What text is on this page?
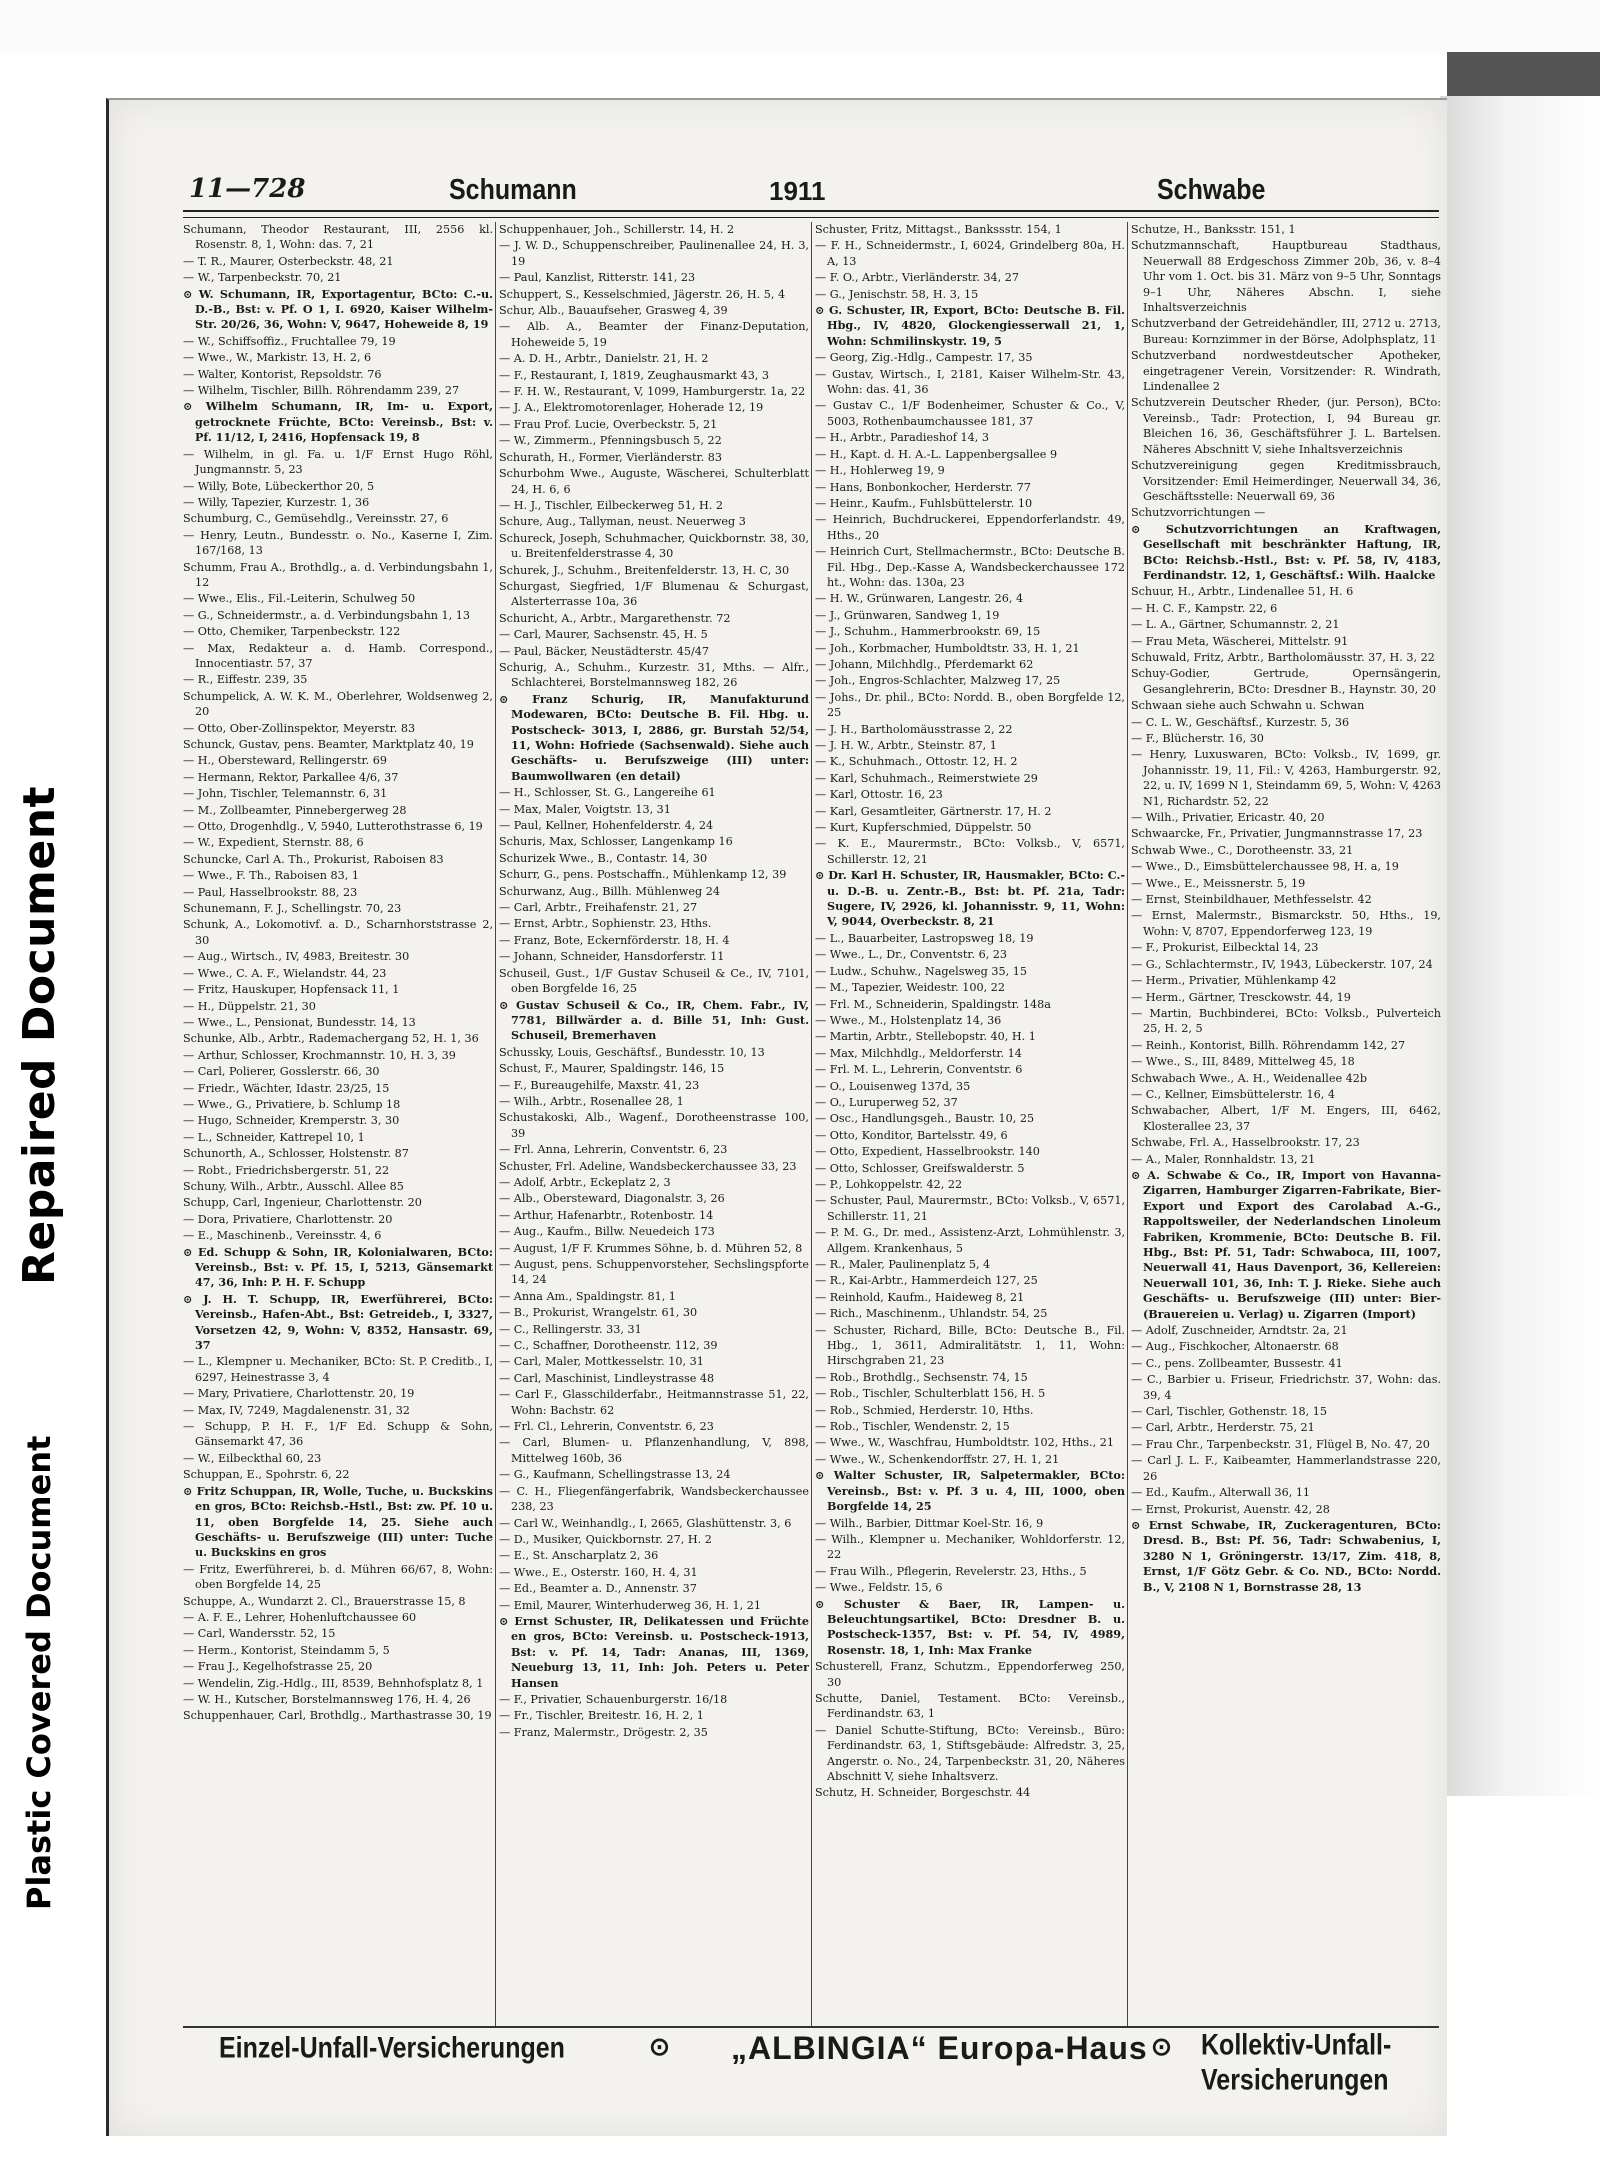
Repaired Document
Plastic Covered Document
11—728	Schumann	1911	Schwabe
Schumann, Theodor Restaurant, III, 2556 kl. Rosenstr. 8, 1, Wohn: das. 7, 21
— T. R., Maurer, Osterbeckstr. 48, 21
— W., Tarpenbeckstr. 70, 21
⊙ W. Schumann, IR, Exportagentur, BCto: C.-u. D.-B., Bst: v. Pf. O 1, I. 6920, Kaiser Wilhelm-Str. 20/26, 36, Wohn: V, 9647, Hoheweide 8, 19
— W., Schiffsoffiz., Fruchtallee 79, 19
— Wwe., W., Markistr. 13, H. 2, 6
— Walter, Kontorist, Repsoldstr. 76
— Wilhelm, Tischler, Billh. Röhrendamm 239, 27
⊙ Wilhelm Schumann, IR, Im- u. Export, getrocknete Früchte, BCto: Vereinsb., Bst: v. Pf. 11/12, I, 2416, Hopfensack 19, 8
— Wilhelm, in gl. Fa. u. 1/F Ernst Hugo Röhl, Jungmannstr. 5, 23
— Willy, Bote, Lübeckerthor 20, 5
— Willy, Tapezier, Kurzestr. 1, 36
Schumburg, C., Gemüsehdlg., Vereinsstr. 27, 6
— Henry, Leutn., Bundesstr. o. No., Kaserne I, Zim. 167/168, 13
Schumm, Frau A., Brothdlg., a. d. Verbindungsbahn 1, 12
— Wwe., Elis., Fil.-Leiterin, Schulweg 50
— G., Schneidermstr., a. d. Verbindungsbahn 1, 13
— Otto, Chemiker, Tarpenbeckstr. 122
— Max, Redakteur a. d. Hamb. Correspond., Innocentiastr. 57, 37
— R., Eiffestr. 239, 35
Schumpelick, A. W. K. M., Oberlehrer, Woldsenweg 2, 20
— Otto, Ober-Zollinspektor, Meyerstr. 83
Schunck, Gustav, pens. Beamter, Marktplatz 40, 19
— H., Obersteward, Rellingerstr. 69
— Hermann, Rektor, Parkallee 4/6, 37
— John, Tischler, Telemannstr. 6, 31
— M., Zollbeamter, Pinnebergerweg 28
— Otto, Drogenhdlg., V, 5940, Lutterothstrasse 6, 19
— W., Expedient, Sternstr. 88, 6
Schuncke, Carl A. Th., Prokurist, Raboisen 83
— Wwe., F. Th., Raboisen 83, 1
— Paul, Hasselbrookstr. 88, 23
Schunemann, F. J., Schellingstr. 70, 23
Schunk, A., Lokomotivf. a. D., Scharnhorststrasse 2, 30
— Aug., Wirtsch., IV, 4983, Breitestr. 30
— Wwe., C. A. F., Wielandstr. 44, 23
— Fritz, Hauskuper, Hopfensack 11, 1
— H., Düppelstr. 21, 30
— Wwe., L., Pensionat, Bundesstr. 14, 13
Schunke, Alb., Arbtr., Rademachergang 52, H. 1, 36
— Arthur, Schlosser, Krochmannstr. 10, H. 3, 39
— Carl, Polierer, Gosslerstr. 66, 30
— Friedr., Wächter, Idastr. 23/25, 15
— Wwe., G., Privatiere, b. Schlump 18
— Hugo, Schneider, Kremperstr. 3, 30
— L., Schneider, Kattrepel 10, 1
Schunorth, A., Schlosser, Holstenstr. 87
— Robt., Friedrichsbergerstr. 51, 22
Schuny, Wilh., Arbtr., Ausschl. Allee 85
Schupp, Carl, Ingenieur, Charlottenstr. 20
— Dora, Privatiere, Charlottenstr. 20
— E., Maschinenb., Vereinsstr. 4, 6
⊙ Ed. Schupp & Sohn, IR, Kolonialwaren, BCto: Vereinsb., Bst: v. Pf. 15, I, 5213, Gänsemarkt 47, 36, Inh: P. H. F. Schupp
⊙ J. H. T. Schupp, IR, Ewerführerei, BCto: Vereinsb., Hafen-Abt., Bst: Getreideb., I, 3327, Vorsetzen 42, 9, Wohn: V, 8352, Hansastr. 69, 37
— L., Klempner u. Mechaniker, BCto: St. P. Creditb., I, 6297, Heinestrasse 3, 4
— Mary, Privatiere, Charlottenstr. 20, 19
— Max, IV, 7249, Magdalenenstr. 31, 32
— Schupp, P. H. F., 1/F Ed. Schupp & Sohn, Gänsemarkt 47, 36
— W., Eilbeckthal 60, 23
Schuppan, E., Spohrstr. 6, 22
⊙ Fritz Schuppan, IR, Wolle, Tuche, u. Buckskins en gros, BCto: Reichsb.-Hstl., Bst: zw. Pf. 10 u. 11, oben Borgfelde 14, 25. Siehe auch Geschäfts- u. Berufszweige (III) unter: Tuche u. Buckskins en gros
— Fritz, Ewerführerei, b. d. Mühren 66/67, 8, Wohn: oben Borgfelde 14, 25
Schuppe, A., Wundarzt 2. Cl., Brauerstrasse 15, 8
— A. F. E., Lehrer, Hohenluftchaussee 60
— Carl, Wandersstr. 52, 15
— Herm., Kontorist, Steindamm 5, 5
— Frau J., Kegelhofstrasse 25, 20
— Wendelin, Zig.-Hdlg., III, 8539, Behnhofsplatz 8, 1
— W. H., Kutscher, Borstelmannsweg 176, H. 4, 26
Schuppenhauer, Carl, Brothdlg., Marthastrasse 30, 19
Schuppenhauer, Joh., Schillerstr. 14, H. 2
— J. W. D., Schuppenschreiber, Paulinenallee 24, H. 3, 19
— Paul, Kanzlist, Ritterstr. 141, 23
Schuppert, S., Kesselschmied, Jägerstr. 26, H. 5, 4
Schur, Alb., Bauaufseher, Grasweg 4, 39
— Alb. A., Beamter der Finanz-Deputation, Hoheweide 5, 19
— A. D. H., Arbtr., Danielstr. 21, H. 2
— F., Restaurant, I, 1819, Zeughausmarkt 43, 3
— F. H. W., Restaurant, V, 1099, Hamburgerstr. 1a, 22
— J. A., Elektromotorenlager, Hoherade 12, 19
— Frau Prof. Lucie, Overbeckstr. 5, 21
— W., Zimmerm., Pfenningsbusch 5, 22
Schurath, H., Former, Vierländerstr. 83
Schurbohm Wwe., Auguste, Wäscherei, Schulterblatt 24, H. 6, 6
— H. J., Tischler, Eilbeckerweg 51, H. 2
Schure, Aug., Tallyman, neust. Neuerweg 3
Schureck, Joseph, Schuhmacher, Quickbornstr. 38, 30, u. Breitenfelderstrasse 4, 30
Schurek, J., Schuhm., Breitenfelderstr. 13, H. C, 30
Schurgast, Siegfried, 1/F Blumenau & Schurgast, Alsterterrasse 10a, 36
Schuricht, A., Arbtr., Margarethenstr. 72
— Carl, Maurer, Sachsenstr. 45, H. 5
— Paul, Bäcker, Neustädterstr. 45/47
Schurig, A., Schuhm., Kurzestr. 31, Mths. — Alfr., Schlachterei, Borstelmannsweg 182, 26
⊙ Franz Schurig, IR, Manufakturund Modewaren, BCto: Deutsche B. Fil. Hbg. u. Postscheck- 3013, I, 2886, gr. Burstah 52/54, 11, Wohn: Hofriede (Sachsenwald). Siehe auch Geschäfts- u. Berufszweige (III) unter: Baumwollwaren (en detail)
— H., Schlosser, St. G., Langereihe 61
— Max, Maler, Voigtstr. 13, 31
— Paul, Kellner, Hohenfelderstr. 4, 24
Schuris, Max, Schlosser, Langenkamp 16
Schurizek Wwe., B., Contastr. 14, 30
Schurr, G., pens. Postschaffn., Mühlenkamp 12, 39
Schurwanz, Aug., Billh. Mühlenweg 24
— Carl, Arbtr., Freihafenstr. 21, 27
— Ernst, Arbtr., Sophienstr. 23, Hths.
— Franz, Bote, Eckernförderstr. 18, H. 4
— Johann, Schneider, Hansdorferstr. 11
Schuseil, Gust., 1/F Gustav Schuseil & Ce., IV, 7101, oben Borgfelde 16, 25
⊙ Gustav Schuseil & Co., IR, Chem. Fabr., IV, 7781, Billwärder a. d. Bille 51, Inh: Gust. Schuseil, Bremerhaven
Schussky, Louis, Geschäftsf., Bundesstr. 10, 13
Schust, F., Maurer, Spaldingstr. 146, 15
— F., Bureaugehilfe, Maxstr. 41, 23
— Wilh., Arbtr., Rosenallee 28, 1
Schustakoski, Alb., Wagenf., Dorotheenstrasse 100, 39
— Frl. Anna, Lehrerin, Conventstr. 6, 23
Schuster, Frl. Adeline, Wandsbeckerchaussee 33, 23
— Adolf, Arbtr., Eckeplatz 2, 3
— Alb., Obersteward, Diagonalstr. 3, 26
— Arthur, Hafenarbtr., Rotenbostr. 14
— Aug., Kaufm., Billw. Neuedeich 173
— August, 1/F F. Krummes Söhne, b. d. Mühren 52, 8
— August, pens. Schuppenvorsteher, Sechslingspforte 14, 24
— Anna Am., Spaldingstr. 81, 1
— B., Prokurist, Wrangelstr. 61, 30
— C., Rellingerstr. 33, 31
— C., Schaffner, Dorotheenstr. 112, 39
— Carl, Maler, Mottkesselstr. 10, 31
— Carl, Maschinist, Lindleystrasse 48
— Carl F., Glasschilderfabr., Heitmannstrasse 51, 22, Wohn: Bachstr. 62
— Frl. Cl., Lehrerin, Conventstr. 6, 23
— Carl, Blumen- u. Pflanzenhandlung, V, 898, Mittelweg 160b, 36
— G., Kaufmann, Schellingstrasse 13, 24
— C. H., Fliegenfängerfabrik, Wandsbeckerchaussee 238, 23
— Carl W., Weinhandlg., I, 2665, Glashüttenstr. 3, 6
— D., Musiker, Quickbornstr. 27, H. 2
— E., St. Anscharplatz 2, 36
— Wwe., E., Osterstr. 160, H. 4, 31
— Ed., Beamter a. D., Annenstr. 37
— Emil, Maurer, Winterhuderweg 36, H. 1, 21
⊙ Ernst Schuster, IR, Delikatessen und Früchte en gros, BCto: Vereinsb. u. Postscheck-1913, Bst: v. Pf. 14, Tadr: Ananas, III, 1369, Neueburg 13, 11, Inh: Joh. Peters u. Peter Hansen
— F., Privatier, Schauenburgerstr. 16/18
— Fr., Tischler, Breitestr. 16, H. 2, 1
— Franz, Malermstr., Drögestr. 2, 35
Schuster, Fritz, Mittagst., Bankssstr. 154, 1
— F. H., Schneidermstr., I, 6024, Grindelberg 80a, H. A, 13
— F. O., Arbtr., Vierländerstr. 34, 27
— G., Jenischstr. 58, H. 3, 15
⊙ G. Schuster, IR, Export, BCto: Deutsche B. Fil. Hbg., IV, 4820, Glockengiesserwall 21, 1, Wohn: Schmilinskystr. 19, 5
— Georg, Zig.-Hdlg., Campestr. 17, 35
— Gustav, Wirtsch., I, 2181, Kaiser Wilhelm-Str. 43, Wohn: das. 41, 36
— Gustav C., 1/F Bodenheimer, Schuster & Co., V, 5003, Rothenbaumchaussee 181, 37
— H., Arbtr., Paradieshof 14, 3
— H., Kapt. d. H. A.-L. Lappenbergsallee 9
— H., Hohlerweg 19, 9
— Hans, Bonbonkocher, Herderstr. 77
— Heinr., Kaufm., Fuhlsbüttelerstr. 10
— Heinrich, Buchdruckerei, Eppendorferlandstr. 49, Hths., 20
— Heinrich Curt, Stellmachermstr., BCto: Deutsche B. Fil. Hbg., Dep.-Kasse A, Wandsbeckerchaussee 172 ht., Wohn: das. 130a, 23
— H. W., Grünwaren, Langestr. 26, 4
— J., Grünwaren, Sandweg 1, 19
— J., Schuhm., Hammerbrookstr. 69, 15
— Joh., Korbmacher, Humboldtstr. 33, H. 1, 21
— Johann, Milchhdlg., Pferdemarkt 62
— Joh., Engros-Schlachter, Malzweg 17, 25
— Johs., Dr. phil., BCto: Nordd. B., oben Borgfelde 12, 25
— J. H., Bartholomäusstrasse 2, 22
— J. H. W., Arbtr., Steinstr. 87, 1
— K., Schuhmach., Ottostr. 12, H. 2
— Karl, Schuhmach., Reimerstwiete 29
— Karl, Ottostr. 16, 23
— Karl, Gesamtleiter, Gärtnerstr. 17, H. 2
— Kurt, Kupferschmied, Düppelstr. 50
— K. E., Maurermstr., BCto: Volksb., V, 6571, Schillerstr. 12, 21
⊙ Dr. Karl H. Schuster, IR, Hausmakler, BCto: C.- u. D.-B. u. Zentr.-B., Bst: bt. Pf. 21a, Tadr: Sugere, IV, 2926, kl. Johannisstr. 9, 11, Wohn: V, 9044, Overbeckstr. 8, 21
— L., Bauarbeiter, Lastropsweg 18, 19
— Wwe., L., Dr., Conventstr. 6, 23
— Ludw., Schuhw., Nagelsweg 35, 15
— M., Tapezier, Weidestr. 100, 22
— Frl. M., Schneiderin, Spaldingstr. 148a
— Wwe., M., Holstenplatz 14, 36
— Martin, Arbtr., Stellebopstr. 40, H. 1
— Max, Milchhdlg., Meldorferstr. 14
— Frl. M. L., Lehrerin, Conventstr. 6
— O., Louisenweg 137d, 35
— O., Luruperweg 52, 37
— Osc., Handlungsgeh., Baustr. 10, 25
— Otto, Konditor, Bartelsstr. 49, 6
— Otto, Expedient, Hasselbrookstr. 140
— Otto, Schlosser, Greifswalderstr. 5
— P., Lohkoppelstr. 42, 22
— Schuster, Paul, Maurermstr., BCto: Volksb., V, 6571, Schillerstr. 11, 21
— P. M. G., Dr. med., Assistenz-Arzt, Lohmühlenstr. 3, Allgem. Krankenhaus, 5
— R., Maler, Paulinenplatz 5, 4
— R., Kai-Arbtr., Hammerdeich 127, 25
— Reinhold, Kaufm., Haideweg 8, 21
— Rich., Maschinenm., Uhlandstr. 54, 25
— Schuster, Richard, Bille, BCto: Deutsche B., Fil. Hbg., 1, 3611, Admiralitätstr. 1, 11, Wohn: Hirschgraben 21, 23
— Rob., Brothdlg., Sechsenstr. 74, 15
— Rob., Tischler, Schulterblatt 156, H. 5
— Rob., Schmied, Herderstr. 10, Hths.
— Rob., Tischler, Wendenstr. 2, 15
— Wwe., W., Waschfrau, Humboldtstr. 102, Hths., 21
— Wwe., W., Schenkendorffstr. 27, H. 1, 21
⊙ Walter Schuster, IR, Salpetermakler, BCto: Vereinsb., Bst: v. Pf. 3 u. 4, III, 1000, oben Borgfelde 14, 25
— Wilh., Barbier, Dittmar Koel-Str. 16, 9
— Wilh., Klempner u. Mechaniker, Wohldorferstr. 12, 22
— Frau Wilh., Pflegerin, Revelerstr. 23, Hths., 5
— Wwe., Feldstr. 15, 6
⊙ Schuster & Baer, IR, Lampen- u. Beleuchtungsartikel, BCto: Dresdner B. u. Postscheck-1357, Bst: v. Pf. 54, IV, 4989, Rosenstr. 18, 1, Inh: Max Franke
Schusterell, Franz, Schutzm., Eppendorferweg 250, 30
Schutte, Daniel, Testament. BCto: Vereinsb., Ferdinandstr. 63, 1
— Daniel Schutte-Stiftung, BCto: Vereinsb., Büro: Ferdinandstr. 63, 1, Stiftsgebäude: Alfredstr. 3, 25, Angerstr. o. No., 24, Tarpenbeckstr. 31, 20, Näheres Abschnitt V, siehe Inhaltsverz.
Schutz, H. Schneider, Borgeschstr. 44
Schutze, H., Banksstr. 151, 1
Schutzmannschaft, Hauptbureau Stadthaus, Neuerwall 88 Erdgeschoss Zimmer 20b, 36, v. 8–4 Uhr vom 1. Oct. bis 31. März von 9–5 Uhr, Sonntags 9–1 Uhr, Näheres Abschn. I, siehe Inhaltsverzeichnis
Schutzverband der Getreidehändler, III, 2712 u. 2713, Bureau: Kornzimmer in der Börse, Adolphsplatz, 11
Schutzverband nordwestdeutscher Apotheker, eingetragener Verein, Vorsitzender: R. Windrath, Lindenallee 2
Schutzverein Deutscher Rheder, (jur. Person), BCto: Vereinsb., Tadr: Protection, I, 94 Bureau gr. Bleichen 16, 36, Geschäftsführer J. L. Bartelsen. Näheres Abschnitt V, siehe Inhaltsverzeichnis
Schutzvereinigung gegen Kreditmissbrauch, Vorsitzender: Emil Heimerdinger, Neuerwall 34, 36, Geschäftsstelle: Neuerwall 69, 36
Schutzvorrichtungen —
⊙ Schutzvorrichtungen an Kraftwagen, Gesellschaft mit beschränkter Haftung, IR, BCto: Reichsb.-Hstl., Bst: v. Pf. 58, IV, 4183, Ferdinandstr. 12, 1, Geschäftsf.: Wilh. Haalcke
Schuur, H., Arbtr., Lindenallee 51, H. 6
— H. C. F., Kampstr. 22, 6
— L. A., Gärtner, Schumannstr. 2, 21
— Frau Meta, Wäscherei, Mittelstr. 91
Schuwald, Fritz, Arbtr., Bartholomäusstr. 37, H. 3, 22
Schuy-Godier, Gertrude, Opernsängerin, Gesanglehrerin, BCto: Dresdner B., Haynstr. 30, 20
Schwaan siehe auch Schwahn u. Schwan
— C. L. W., Geschäftsf., Kurzestr. 5, 36
— F., Blücherstr. 16, 30
— Henry, Luxuswaren, BCto: Volksb., IV, 1699, gr. Johannisstr. 19, 11, Fil.: V, 4263, Hamburgerstr. 92, 22, u. IV, 1699 N 1, Steindamm 69, 5, Wohn: V, 4263 N1, Richardstr. 52, 22
— Wilh., Privatier, Ericastr. 40, 20
Schwaarcke, Fr., Privatier, Jungmannstrasse 17, 23
Schwab Wwe., C., Dorotheenstr. 33, 21
— Wwe., D., Eimsbüttelerchaussee 98, H. a, 19
— Wwe., E., Meissnerstr. 5, 19
— Ernst, Steinbildhauer, Methfesselstr. 42
— Ernst, Malermstr., Bismarckstr. 50, Hths., 19, Wohn: V, 8707, Eppendorferweg 123, 19
— F., Prokurist, Eilbecktal 14, 23
— G., Schlachtermstr., IV, 1943, Lübeckerstr. 107, 24
— Herm., Privatier, Mühlenkamp 42
— Herm., Gärtner, Tresckowstr. 44, 19
— Martin, Buchbinderei, BCto: Volksb., Pulverteich 25, H. 2, 5
— Reinh., Kontorist, Billh. Röhrendamm 142, 27
— Wwe., S., III, 8489, Mittelweg 45, 18
Schwabach Wwe., A. H., Weidenallee 42b
— C., Kellner, Eimsbüttelerstr. 16, 4
Schwabacher, Albert, 1/F M. Engers, III, 6462, Klosterallee 23, 37
Schwabe, Frl. A., Hasselbrookstr. 17, 23
— A., Maler, Ronnhaldstr. 13, 21
⊙ A. Schwabe & Co., IR, Import von Havanna-Zigarren, Hamburger Zigarren-Fabrikate, Bier-Export und Export des Carolabad A.-G., Rappoltsweiler, der Nederlandschen Linoleum Fabriken, Krommenie, BCto: Deutsche B. Fil. Hbg., Bst: Pf. 51, Tadr: Schwaboca, III, 1007, Neuerwall 41, Haus Davenport, 36, Kellereien: Neuerwall 101, 36, Inh: T. J. Rieke. Siehe auch Geschäfts- u. Berufszweige (III) unter: Bier- (Brauereien u. Verlag) u. Zigarren (Import)
— Adolf, Zuschneider, Arndtstr. 2a, 21
— Aug., Fischkocher, Altonaerstr. 68
— C., pens. Zollbeamter, Bussestr. 41
— C., Barbier u. Friseur, Friedrichstr. 37, Wohn: das. 39, 4
— Carl, Tischler, Gothenstr. 18, 15
— Carl, Arbtr., Herderstr. 75, 21
— Frau Chr., Tarpenbeckstr. 31, Flügel B, No. 47, 20
— Carl J. L. F., Kaibeamter, Hammerlandstrasse 220, 26
— Ed., Kaufm., Alterwall 36, 11
— Ernst, Prokurist, Auenstr. 42, 28
⊙ Ernst Schwabe, IR, Zuckeragenturen, BCto: Dresd. B., Bst: Pf. 56, Tadr: Schwabenius, I, 3280 N 1, Gröningerstr. 13/17, Zim. 418, 8, Ernst, 1/F Götz Gebr. & Co. ND., BCto: Nordd. B., V, 2108 N 1, Bornstrasse 28, 13
Einzel-Unfall-Versicherungen	⊙ „ALBINGIA“ Europa-Haus ⊙ Kollektiv-Unfall-Versicherungen
